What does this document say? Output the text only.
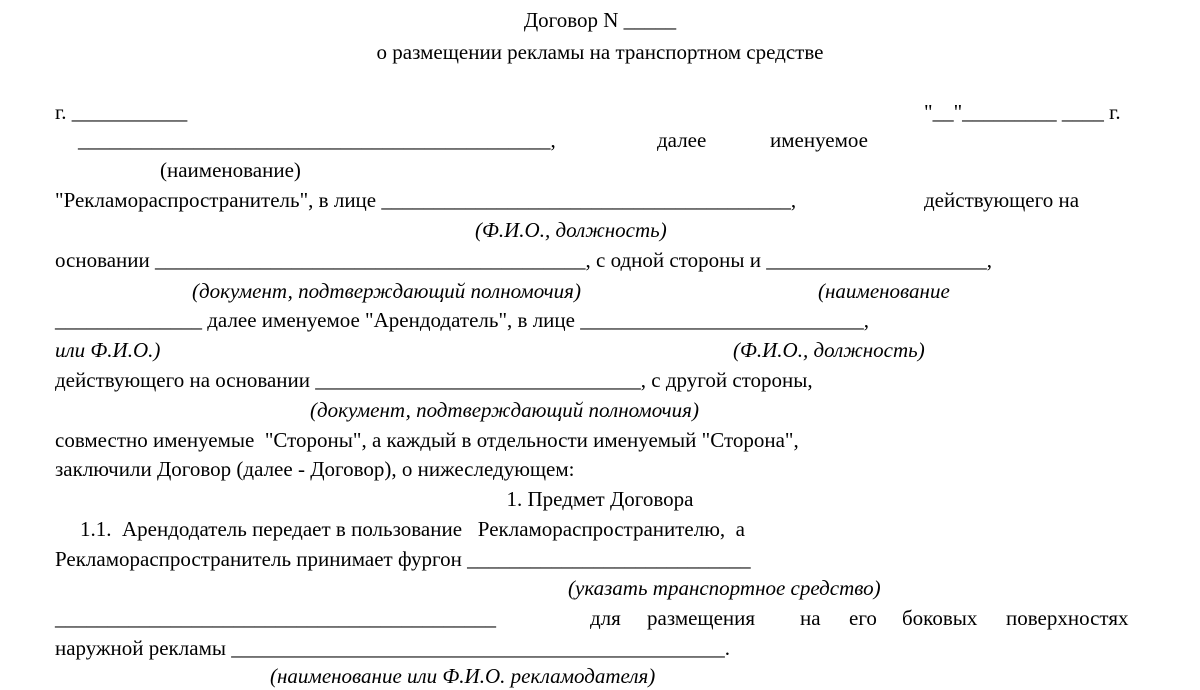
Договор N _____
о размещении рекламы на транспортном средстве
г. ___________	"__"_________ ____ г.
_____________________________________________,	далее	именуемое
(наименование)
"Рекламораспространитель", в лице _______________________________________,	действующего на
(Ф.И.О., должность)
основании _________________________________________, с одной стороны и _____________________,
(документ, подтверждающий полномочия)	(наименование
______________ далее именуемое "Арендодатель", в лице ___________________________,
или Ф.И.О.)	(Ф.И.О., должность)
действующего на основании _______________________________, с другой стороны,
(документ, подтверждающий полномочия)
совместно именуемые  "Стороны", а каждый в отдельности именуемый "Сторона",
заключили Договор (далее - Договор), о нижеследующем:
1. Предмет Договора
1.1.  Арендодатель передает в пользование   Рекламораспространителю,  а
Рекламораспространитель принимает фургон ___________________________
(указать транспортное средство)
__________________________________________	для размещения на его боковых поверхностях
наружной рекламы _______________________________________________.
(наименование или Ф.И.О. рекламодателя)
